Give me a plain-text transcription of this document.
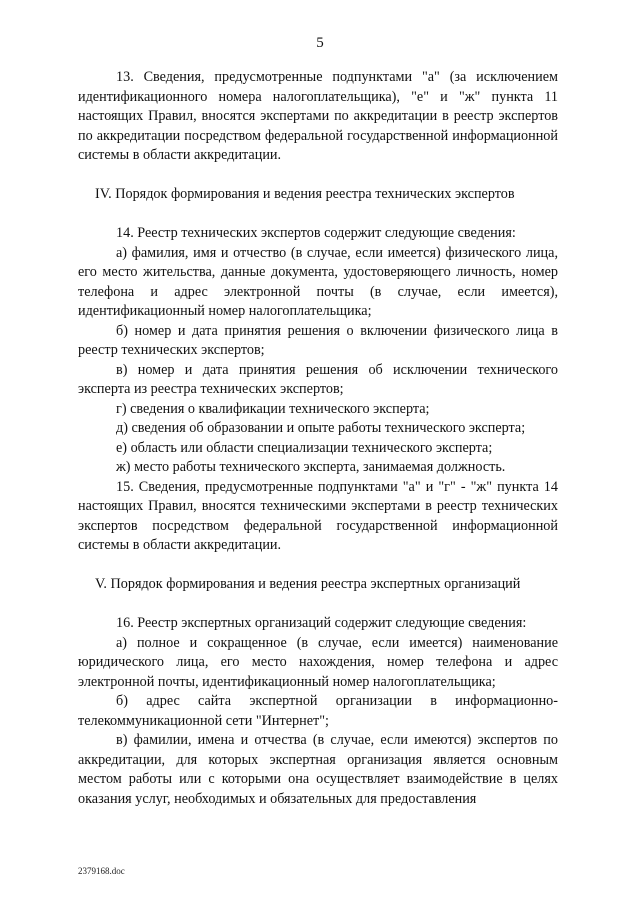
5

13. Сведения, предусмотренные подпунктами "а" (за исключением идентификационного номера налогоплательщика), "е" и "ж" пункта 11 настоящих Правил, вносятся экспертами по аккредитации в реестр экспертов по аккредитации посредством федеральной государственной информационной системы в области аккредитации.

IV. Порядок формирования и ведения реестра технических экспертов

14. Реестр технических экспертов содержит следующие сведения:

а) фамилия, имя и отчество (в случае, если имеется) физического лица, его место жительства, данные документа, удостоверяющего личность, номер телефона и адрес электронной почты (в случае, если имеется), идентификационный номер налогоплательщика;

б) номер и дата принятия решения о включении физического лица в реестр технических экспертов;

в) номер и дата принятия решения об исключении технического эксперта из реестра технических экспертов;

г) сведения о квалификации технического эксперта;

д) сведения об образовании и опыте работы технического эксперта;

е) область или области специализации технического эксперта;

ж) место работы технического эксперта, занимаемая должность.

15. Сведения, предусмотренные подпунктами "а" и "г" - "ж" пункта 14 настоящих Правил, вносятся техническими экспертами в реестр технических экспертов посредством федеральной государственной информационной системы в области аккредитации.

V. Порядок формирования и ведения реестра экспертных организаций

16. Реестр экспертных организаций содержит следующие сведения:

а) полное и сокращенное (в случае, если имеется) наименование юридического лица, его место нахождения, номер телефона и адрес электронной почты, идентификационный номер налогоплательщика;

б) адрес сайта экспертной организации в информационно-телекоммуникационной сети "Интернет";

в) фамилии, имена и отчества (в случае, если имеются) экспертов по аккредитации, для которых экспертная организация является основным местом работы или с которыми она осуществляет взаимодействие в целях оказания услуг, необходимых и обязательных для предоставления

2379168.doc
